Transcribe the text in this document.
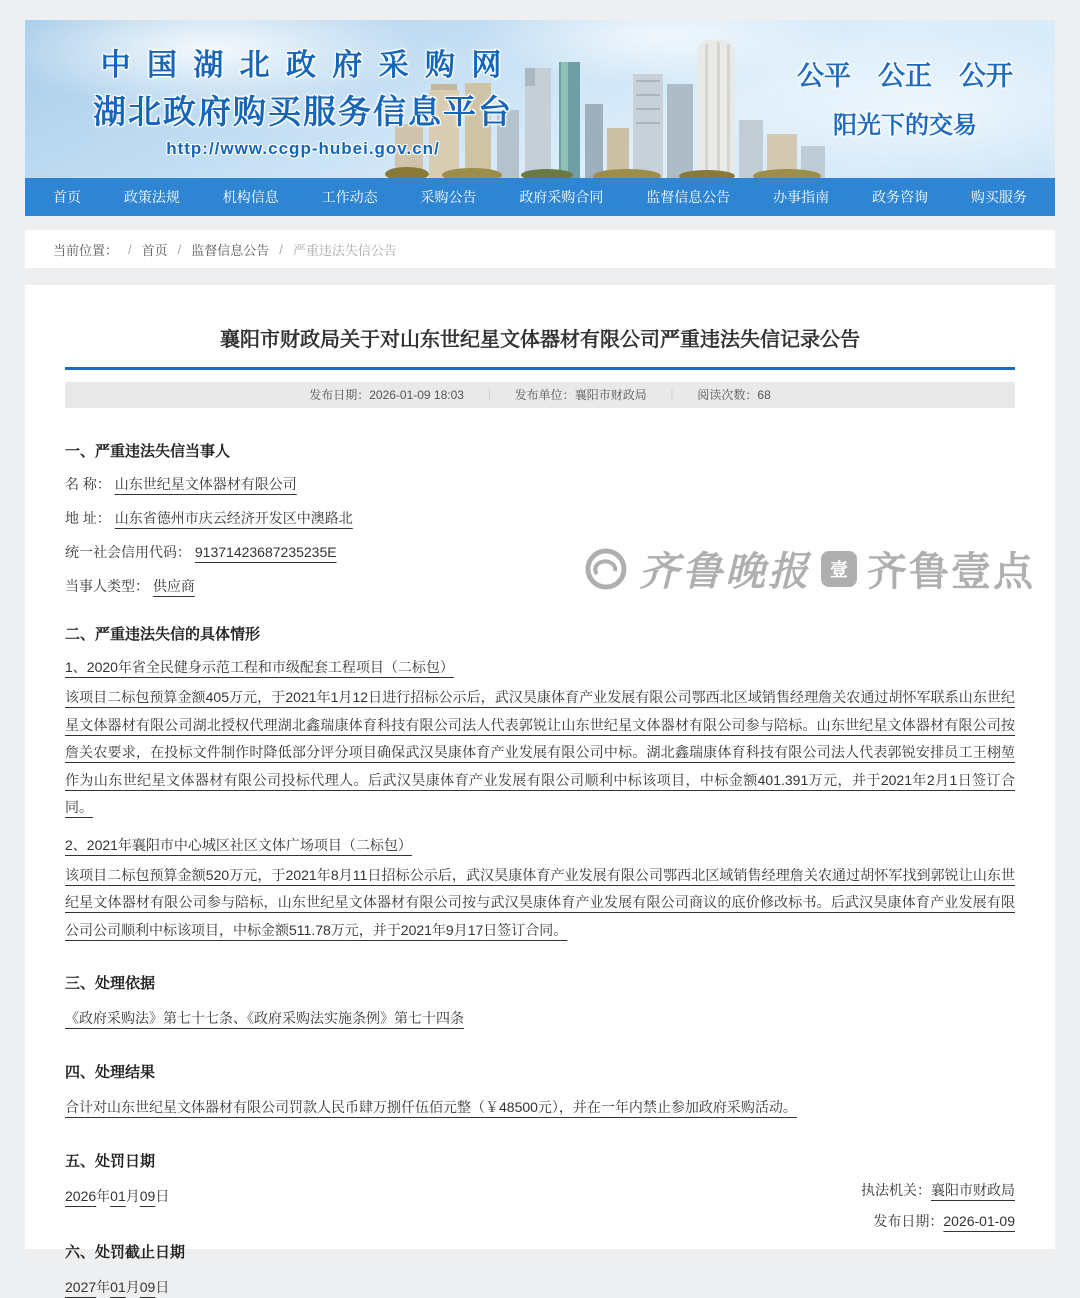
中 国 湖 北 政 府 采 购 网
湖北政府购买服务信息平台
http://www.ccgp-hubei.gov.cn/
公平　公正　公开
阳光下的交易
首页	政策法规	机构信息	工作动态	采购公告	政府采购合同	监督信息公告	办事指南	政务咨询	购买服务
当前位置： / 首页 / 监督信息公告 / 严重违法失信公告
襄阳市财政局关于对山东世纪星文体器材有限公司严重违法失信记录公告
发布日期：2026-01-09 18:03 ｜ 发布单位：襄阳市财政局 ｜ 阅读次数：68
一、严重违法失信当事人
名 称： 山东世纪星文体器材有限公司
地 址： 山东省德州市庆云经济开发区中澳路北
统一社会信用代码： 91371423687235235E
当事人类型： 供应商
二、严重违法失信的具体情形
1、2020年省全民健身示范工程和市级配套工程项目（二标包）

该项目二标包预算金额405万元，于2021年1月12日进行招标公示后，武汉昊康体育产业发展有限公司鄂西北区域销售经理詹关农通过胡怀军联系山东世纪星文体器材有限公司湖北授权代理湖北鑫瑞康体育科技有限公司法人代表郭锐让山东世纪星文体器材有限公司参与陪标。山东世纪星文体器材有限公司按詹关农要求，在投标文件制作时降低部分评分项目确保武汉昊康体育产业发展有限公司中标。湖北鑫瑞康体育科技有限公司法人代表郭锐安排员工王栩堃作为山东世纪星文体器材有限公司投标代理人。后武汉昊康体育产业发展有限公司顺利中标该项目，中标金额401.391万元，并于2021年2月1日签订合同。

2、2021年襄阳市中心城区社区文体广场项目（二标包）

该项目二标包预算金额520万元，于2021年8月11日招标公示后，武汉昊康体育产业发展有限公司鄂西北区域销售经理詹关农通过胡怀军找到郭锐让山东世纪星文体器材有限公司参与陪标，山东世纪星文体器材有限公司按与武汉昊康体育产业发展有限公司商议的底价修改标书。后武汉昊康体育产业发展有限公司公司顺利中标该项目，中标金额511.78万元，并于2021年9月17日签订合同。

三、处理依据
《政府采购法》第七十七条、《政府采购法实施条例》第七十四条
四、处理结果
合计对山东世纪星文体器材有限公司罚款人民币肆万捌仟伍佰元整（￥48500元），并在一年内禁止参加政府采购活动。
五、处罚日期
2026年01月09日
六、处罚截止日期
2027年01月09日
执法机关：襄阳市财政局
发布日期：2026-01-09
齐鲁晚报 壹 齐鲁壹点
